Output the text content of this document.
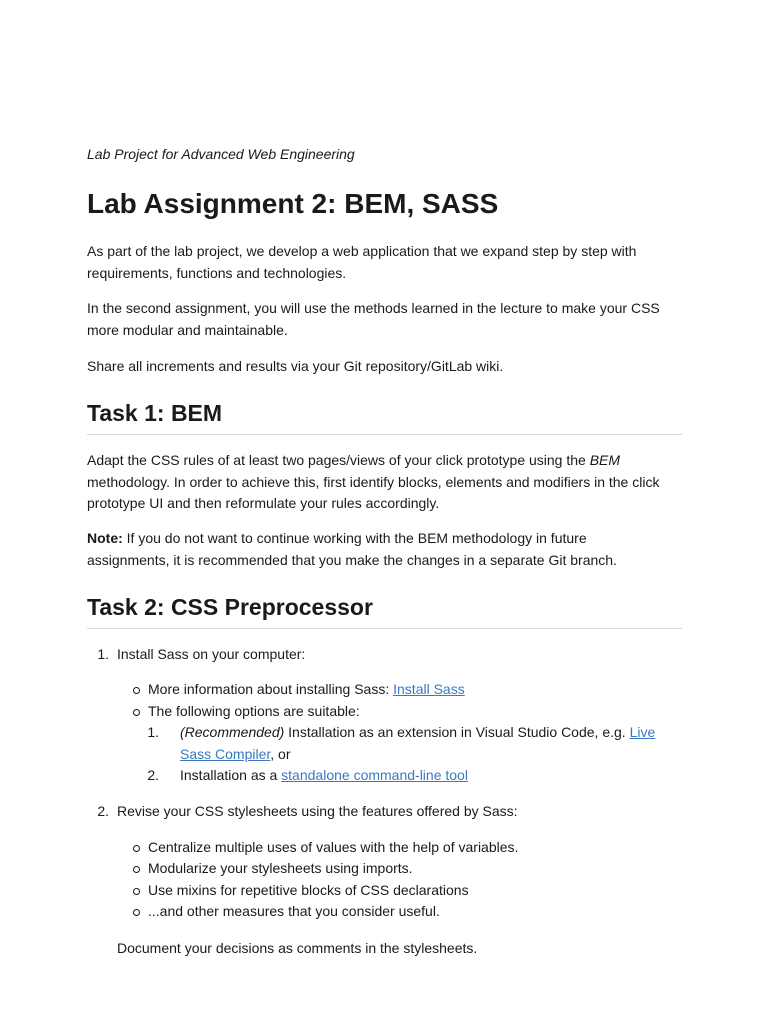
Lab Project for Advanced Web Engineering

Lab Assignment 2: BEM, SASS

As part of the lab project, we develop a web application that we expand step by step with
requirements, functions and technologies.

In the second assignment, you will use the methods learned in the lecture to make your CSS
more modular and maintainable.

Share all increments and results via your Git repository/GitLab wiki.

Task 1: BEM

Adapt the CSS rules of at least two pages/views of your click prototype using the BEM
methodology. In order to achieve this, first identify blocks, elements and modifiers in the click
prototype UI and then reformulate your rules accordingly.

Note: If you do not want to continue working with the BEM methodology in future
assignments, it is recommended that you make the changes in a separate Git branch.

Task 2: CSS Preprocessor
1. Install Sass on your computer:
More information about installing Sass: Install Sass
The following options are suitable:
1. (Recommended) Installation as an extension in Visual Studio Code, e.g. Live
Sass Compiler, or
2. Installation as a standalone command-line tool
2. Revise your CSS stylesheets using the features offered by Sass:
Centralize multiple uses of values with the help of variables.
Modularize your stylesheets using imports.
Use mixins for repetitive blocks of CSS declarations
...and other measures that you consider useful.
Document your decisions as comments in the stylesheets.
